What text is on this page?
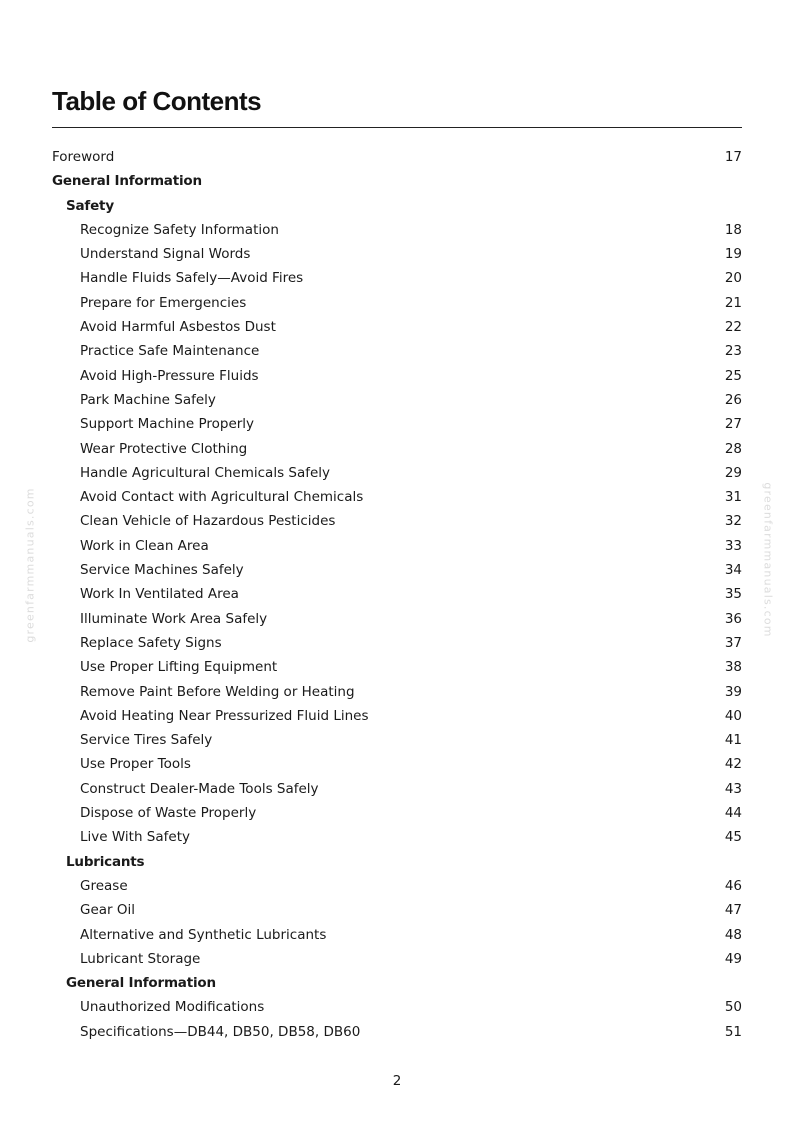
Table of Contents
Foreword	17
General Information
Safety
Recognize Safety Information	18
Understand Signal Words	19
Handle Fluids Safely—Avoid Fires	20
Prepare for Emergencies	21
Avoid Harmful Asbestos Dust	22
Practice Safe Maintenance	23
Avoid High-Pressure Fluids	25
Park Machine Safely	26
Support Machine Properly	27
Wear Protective Clothing	28
Handle Agricultural Chemicals Safely	29
Avoid Contact with Agricultural Chemicals	31
Clean Vehicle of Hazardous Pesticides	32
Work in Clean Area	33
Service Machines Safely	34
Work In Ventilated Area	35
Illuminate Work Area Safely	36
Replace Safety Signs	37
Use Proper Lifting Equipment	38
Remove Paint Before Welding or Heating	39
Avoid Heating Near Pressurized Fluid Lines	40
Service Tires Safely	41
Use Proper Tools	42
Construct Dealer-Made Tools Safely	43
Dispose of Waste Properly	44
Live With Safety	45
Lubricants
Grease	46
Gear Oil	47
Alternative and Synthetic Lubricants	48
Lubricant Storage	49
General Information
Unauthorized Modifications	50
Specifications—DB44, DB50, DB58, DB60	51
2
greenfarmmanuals.com	greenfarmmanuals.com
